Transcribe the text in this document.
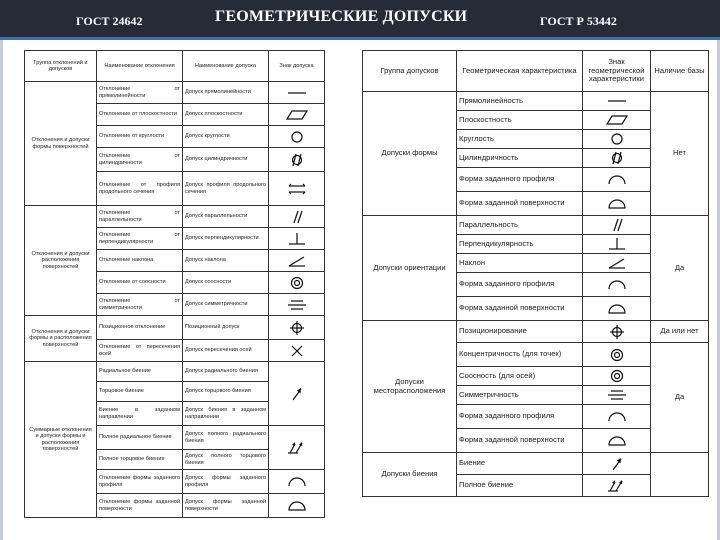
ГОСТ 24642	ГЕОМЕТРИЧЕСКИЕ ДОПУСКИ	ГОСТ Р 53442
Группа отклонений и допусков	Наименование отклонения	Наименование допуска	Знак допуска
Отклонения и допуски формы поверхностей	Отклонение от прямолинейности	Допуск прямолинейности	

	Отклонение от плоскостности	Допуск плоскостности	

	Отклонение от круглости	Допуск круглости	

	Отклонение от цилиндричности	Допуск цилиндричности	

	Отклонение от профиля продольного сечения	Допуск профиля продольного сечения	

Отклонения и допуски расположения поверхностей	Отклонение от параллельности	Допуск параллельности	

	Отклонение от перпендикулярности	Допуск перпендикулярности	

	Отклонение наклона	Допуск наклона	

	Отклонение от соосности	Допуск соосности	

	Отклонение от симметричности	Допуск симметричности	

Отклонения и допуски формы и расположения поверхностей	Позиционное отклонение	Позиционный допуск	

	Отклонение от пересечения осей	Допуск пересечения осей	

Суммарные отклонения и допуски формы и расположения поверхностей	Радиальное биение	Допуск радиального биения	

	Торцовое биение	Допуск торцового биения	
	Биение в заданном направлении	Допуск биения в заданном направлении	
	Полное радиальное биение	Допуск полного радиального биения	

	Полное торцовое биение	Допуск полного торцового биения	
	Отклонение формы заданного профиля	Допуск формы заданного профиля	

	Отклонение формы заданной поверхности	Допуск формы заданной поверхности	
Группа допусков	Геометрическая характеристика	Знак геометрической характеристики	Наличие базы
Допуски формы	Прямолинейность		Нет
	Плоскостность	

	Круглость	

	Цилиндричность	

	Форма заданного профиля	

	Форма заданной поверхности	

Допуски ориентации	Параллельность		Да
	Перпендикулярность	

	Наклон	

	Форма заданного профиля	

	Форма заданной поверхности	

Допуски месторасположения	Позиционирование		Да или нет
	Концентричность (для точек)		Да
	Соосность (для осей)	

	Симметричность	

	Форма заданного профиля	

	Форма заданной поверхности	

Допуски биения	Биение	

	Полное биение	
